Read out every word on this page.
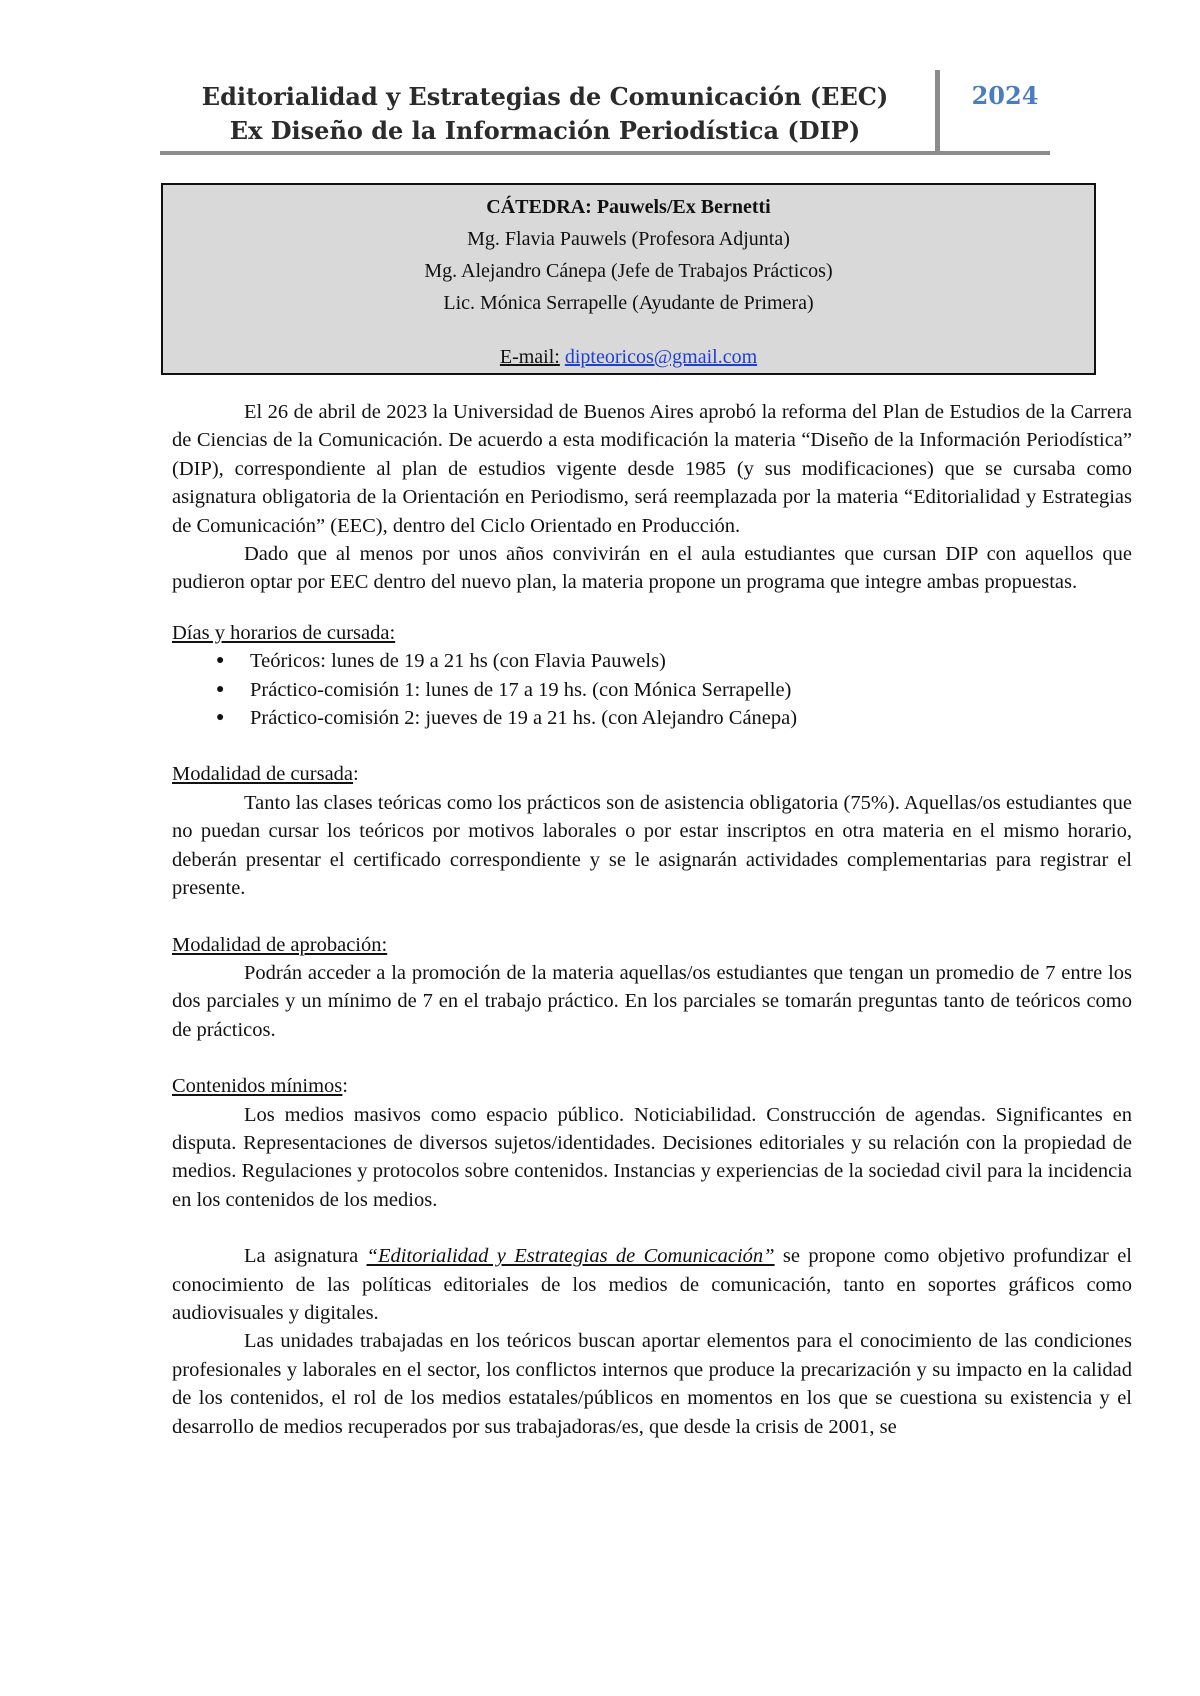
Editorialidad y Estrategias de Comunicación (EEC)
Ex Diseño de la Información Periodística (DIP)
2024
CÁTEDRA: Pauwels/Ex Bernetti
Mg. Flavia Pauwels (Profesora Adjunta)
Mg. Alejandro Cánepa (Jefe de Trabajos Prácticos)
Lic. Mónica Serrapelle (Ayudante de Primera)
E-mail: dipteoricos@gmail.com

El 26 de abril de 2023 la Universidad de Buenos Aires aprobó la reforma del Plan de Estudios de la Carrera de Ciencias de la Comunicación. De acuerdo a esta modificación la materia “Diseño de la Información Periodística” (DIP), correspondiente al plan de estudios vigente desde 1985 (y sus modificaciones) que se cursaba como asignatura obligatoria de la Orientación en Periodismo, será reemplazada por la materia “Editorialidad y Estrategias de Comunicación” (EEC), dentro del Ciclo Orientado en Producción.

Dado que al menos por unos años convivirán en el aula estudiantes que cursan DIP con aquellos que pudieron optar por EEC dentro del nuevo plan, la materia propone un programa que integre ambas propuestas.

Días y horarios de cursada:

● Teóricos: lunes de 19 a 21 hs (con Flavia Pauwels)
● Práctico-comisión 1: lunes de 17 a 19 hs. (con Mónica Serrapelle)
● Práctico-comisión 2: jueves de 19 a 21 hs. (con Alejandro Cánepa)

Modalidad de cursada:

Tanto las clases teóricas como los prácticos son de asistencia obligatoria (75%). Aquellas/os estudiantes que no puedan cursar los teóricos por motivos laborales o por estar inscriptos en otra materia en el mismo horario, deberán presentar el certificado correspondiente y se le asignarán actividades complementarias para registrar el presente.

Modalidad de aprobación:

Podrán acceder a la promoción de la materia aquellas/os estudiantes que tengan un promedio de 7 entre los dos parciales y un mínimo de 7 en el trabajo práctico. En los parciales se tomarán preguntas tanto de teóricos como de prácticos.

Contenidos mínimos:

Los medios masivos como espacio público. Noticiabilidad. Construcción de agendas. Significantes en disputa. Representaciones de diversos sujetos/identidades. Decisiones editoriales y su relación con la propiedad de medios. Regulaciones y protocolos sobre contenidos. Instancias y experiencias de la sociedad civil para la incidencia en los contenidos de los medios.

La asignatura “Editorialidad y Estrategias de Comunicación” se propone como objetivo profundizar el conocimiento de las políticas editoriales de los medios de comunicación, tanto en soportes gráficos como audiovisuales y digitales.

Las unidades trabajadas en los teóricos buscan aportar elementos para el conocimiento de las condiciones profesionales y laborales en el sector, los conflictos internos que produce la precarización y su impacto en la calidad de los contenidos, el rol de los medios estatales/públicos en momentos en los que se cuestiona su existencia y el desarrollo de medios recuperados por sus trabajadoras/es, que desde la crisis de 2001, se
